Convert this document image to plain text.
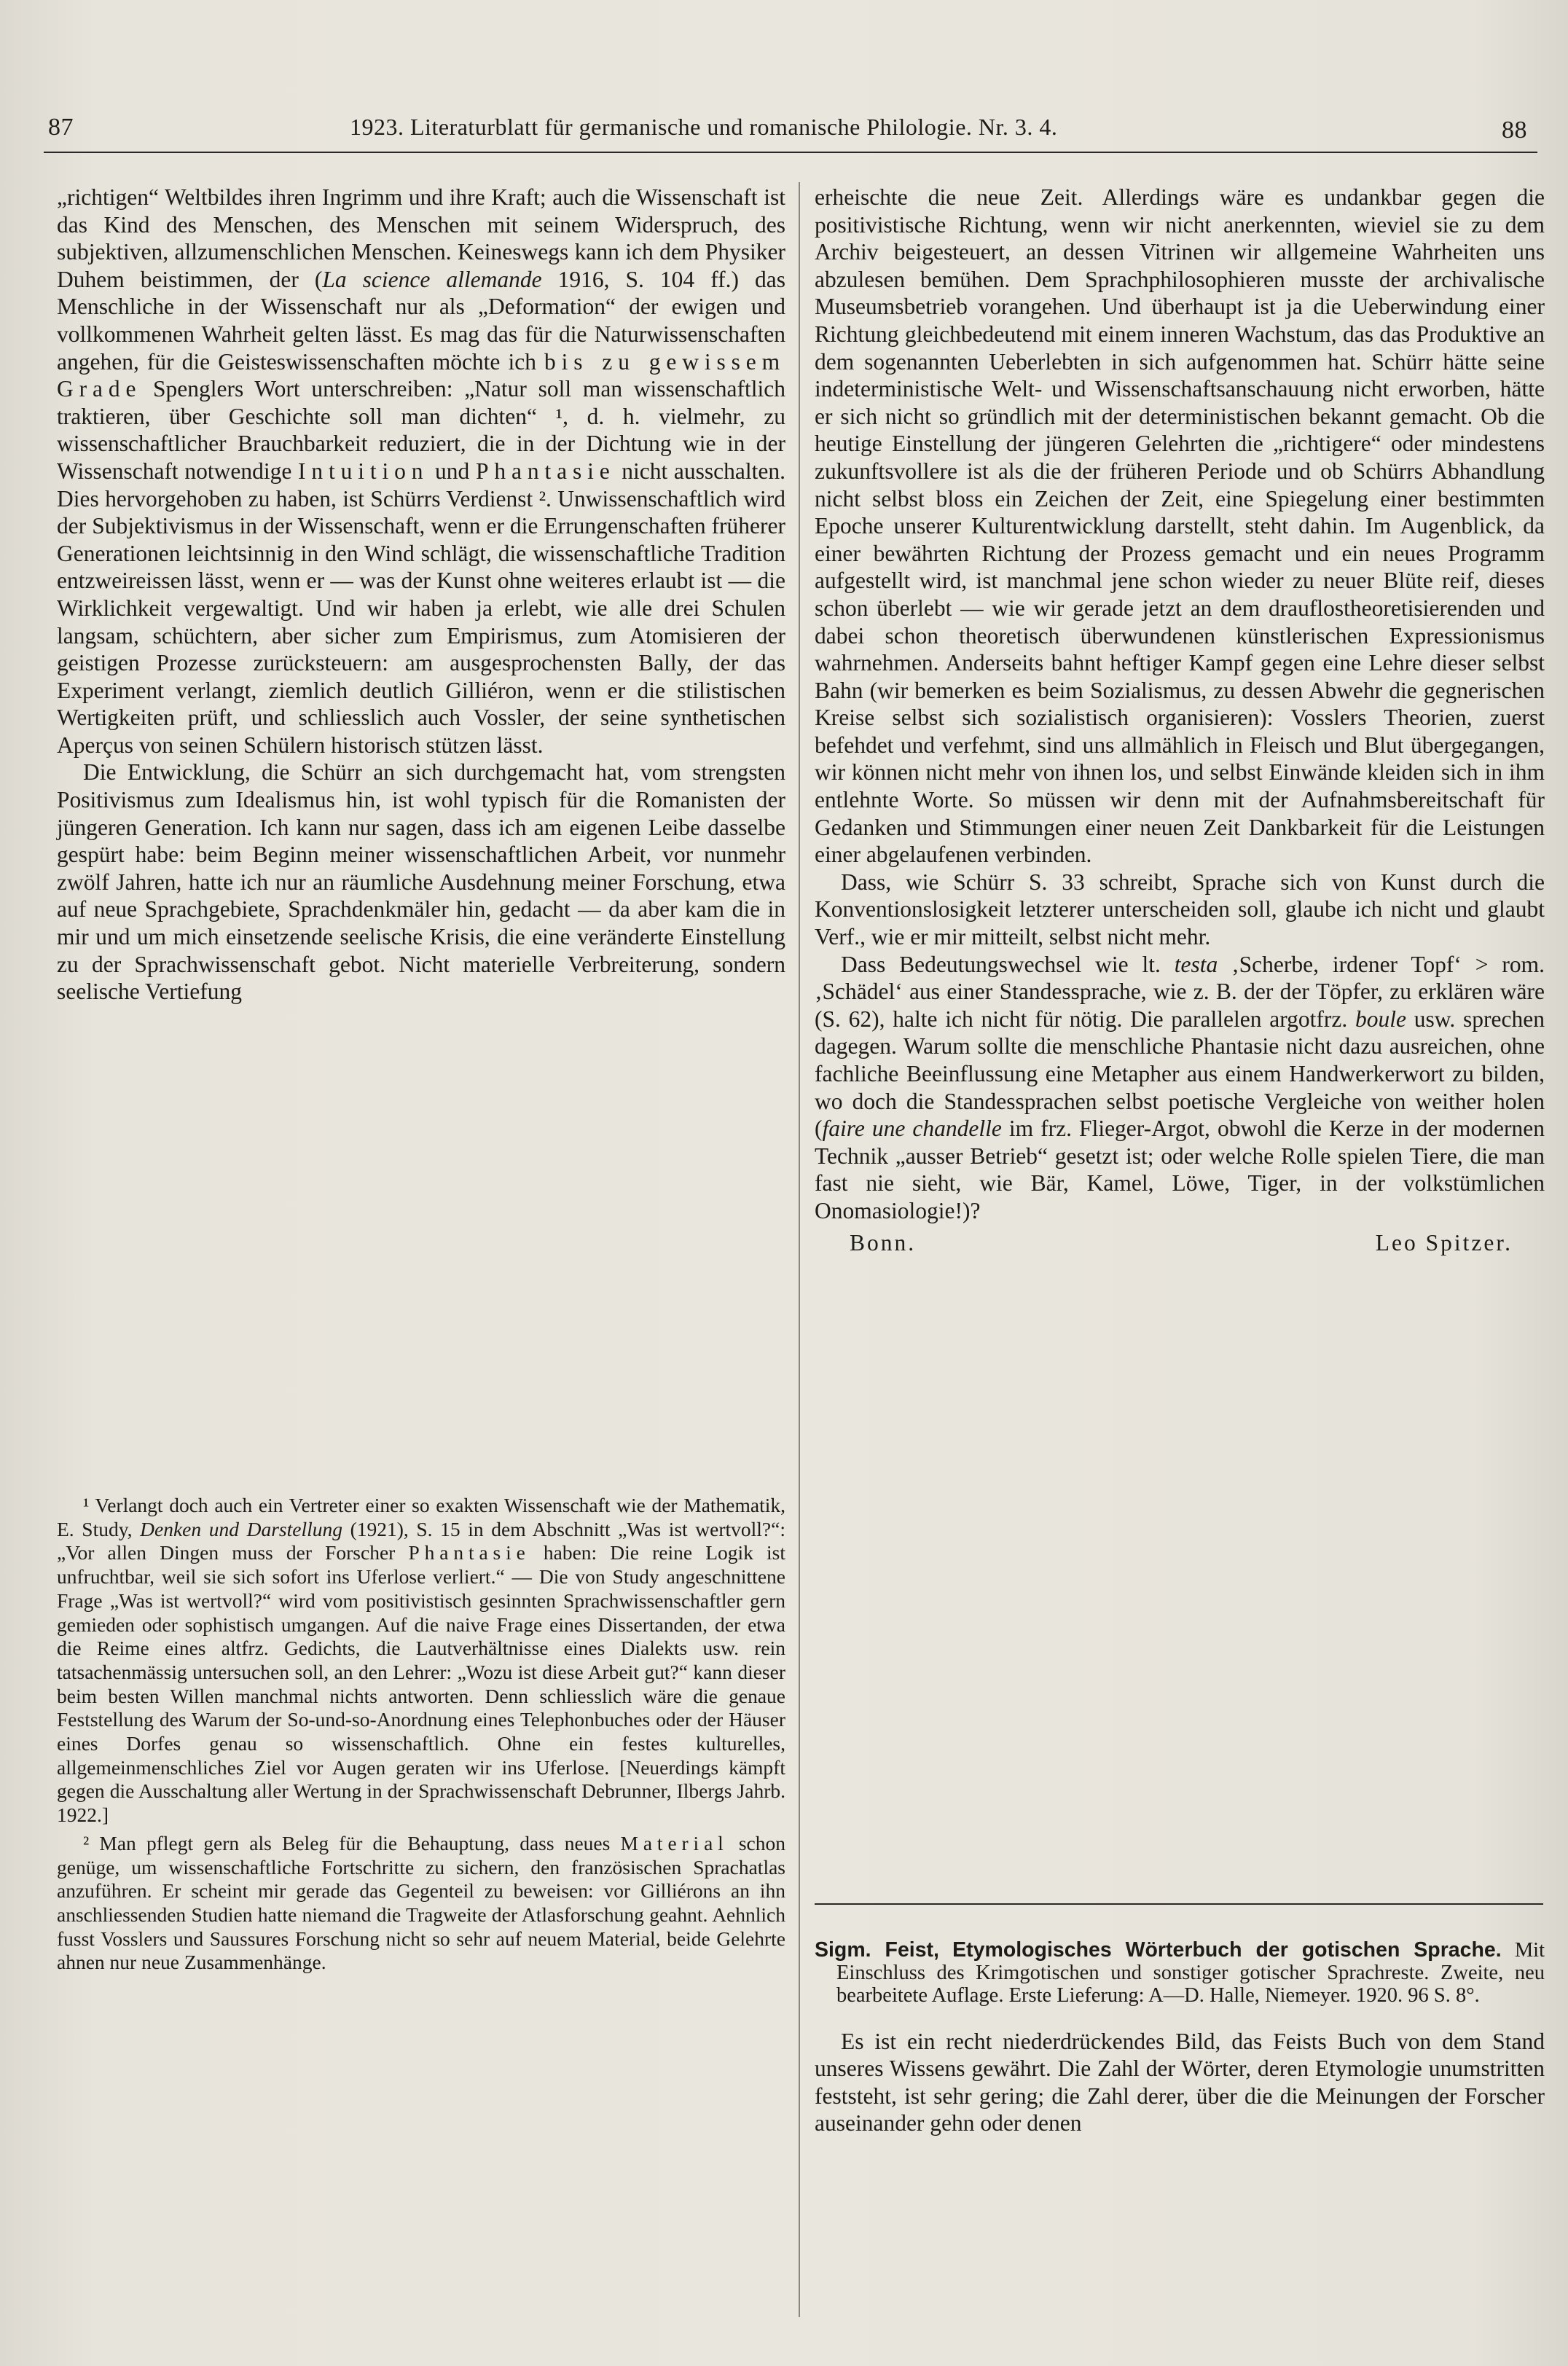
87	1923. Literaturblatt für germanische und romanische Philologie. Nr. 3. 4.	88

„richtigen“ Weltbildes ihren Ingrimm und ihre Kraft; auch die Wissenschaft ist das Kind des Menschen, des Menschen mit seinem Widerspruch, des subjektiven, allzumenschlichen Menschen. Keineswegs kann ich dem Physiker Duhem beistimmen, der (La science allemande 1916, S. 104 ff.) das Menschliche in der Wissenschaft nur als „Deformation“ der ewigen und vollkommenen Wahrheit gelten lässt. Es mag das für die Naturwissenschaften angehen, für die Geisteswissenschaften möchte ich bis zu gewissem Grade Spenglers Wort unterschreiben: „Natur soll man wissenschaftlich traktieren, über Geschichte soll man dichten“ ¹, d. h. vielmehr, zu wissenschaftlicher Brauchbarkeit reduziert, die in der Dichtung wie in der Wissenschaft notwendige Intuition und Phantasie nicht ausschalten. Dies hervorgehoben zu haben, ist Schürrs Verdienst ². Unwissenschaftlich wird der Subjektivismus in der Wissenschaft, wenn er die Errungenschaften früherer Generationen leichtsinnig in den Wind schlägt, die wissenschaftliche Tradition entzweireissen lässt, wenn er — was der Kunst ohne weiteres erlaubt ist — die Wirklichkeit vergewaltigt. Und wir haben ja erlebt, wie alle drei Schulen langsam, schüchtern, aber sicher zum Empirismus, zum Atomisieren der geistigen Prozesse zurücksteuern: am ausgesprochensten Bally, der das Experiment verlangt, ziemlich deutlich Gilliéron, wenn er die stilistischen Wertigkeiten prüft, und schliesslich auch Vossler, der seine synthetischen Aperçus von seinen Schülern historisch stützen lässt.

Die Entwicklung, die Schürr an sich durchgemacht hat, vom strengsten Positivismus zum Idealismus hin, ist wohl typisch für die Romanisten der jüngeren Generation. Ich kann nur sagen, dass ich am eigenen Leibe dasselbe gespürt habe: beim Beginn meiner wissenschaftlichen Arbeit, vor nunmehr zwölf Jahren, hatte ich nur an räumliche Ausdehnung meiner Forschung, etwa auf neue Sprachgebiete, Sprachdenkmäler hin, gedacht — da aber kam die in mir und um mich einsetzende seelische Krisis, die eine veränderte Einstellung zu der Sprachwissenschaft gebot. Nicht materielle Verbreiterung, sondern seelische Vertiefung

¹ Verlangt doch auch ein Vertreter einer so exakten Wissenschaft wie der Mathematik, E. Study, Denken und Darstellung (1921), S. 15 in dem Abschnitt „Was ist wertvoll?“: „Vor allen Dingen muss der Forscher Phantasie haben: Die reine Logik ist unfruchtbar, weil sie sich sofort ins Uferlose verliert.“ — Die von Study angeschnittene Frage „Was ist wertvoll?“ wird vom positivistisch gesinnten Sprachwissenschaftler gern gemieden oder sophistisch umgangen. Auf die naive Frage eines Dissertanden, der etwa die Reime eines altfrz. Gedichts, die Lautverhältnisse eines Dialekts usw. rein tatsachenmässig untersuchen soll, an den Lehrer: „Wozu ist diese Arbeit gut?“ kann dieser beim besten Willen manchmal nichts antworten. Denn schliesslich wäre die genaue Feststellung des Warum der So-und-so-Anordnung eines Telephonbuches oder der Häuser eines Dorfes genau so wissenschaftlich. Ohne ein festes kulturelles, allgemeinmenschliches Ziel vor Augen geraten wir ins Uferlose. [Neuerdings kämpft gegen die Ausschaltung aller Wertung in der Sprachwissenschaft Debrunner, Ilbergs Jahrb. 1922.]

² Man pflegt gern als Beleg für die Behauptung, dass neues Material schon genüge, um wissenschaftliche Fortschritte zu sichern, den französischen Sprachatlas anzuführen. Er scheint mir gerade das Gegenteil zu beweisen: vor Gilliérons an ihn anschliessenden Studien hatte niemand die Tragweite der Atlasforschung geahnt. Aehnlich fusst Vosslers und Saussures Forschung nicht so sehr auf neuem Material, beide Gelehrte ahnen nur neue Zusammenhänge.

erheischte die neue Zeit. Allerdings wäre es undankbar gegen die positivistische Richtung, wenn wir nicht anerkennten, wieviel sie zu dem Archiv beigesteuert, an dessen Vitrinen wir allgemeine Wahrheiten uns abzulesen bemühen. Dem Sprachphilosophieren musste der archivalische Museumsbetrieb vorangehen. Und überhaupt ist ja die Ueberwindung einer Richtung gleichbedeutend mit einem inneren Wachstum, das das Produktive an dem sogenannten Ueberlebten in sich aufgenommen hat. Schürr hätte seine indeterministische Welt- und Wissenschaftsanschauung nicht erworben, hätte er sich nicht so gründlich mit der deterministischen bekannt gemacht. Ob die heutige Einstellung der jüngeren Gelehrten die „richtigere“ oder mindestens zukunftsvollere ist als die der früheren Periode und ob Schürrs Abhandlung nicht selbst bloss ein Zeichen der Zeit, eine Spiegelung einer bestimmten Epoche unserer Kulturentwicklung darstellt, steht dahin. Im Augenblick, da einer bewährten Richtung der Prozess gemacht und ein neues Programm aufgestellt wird, ist manchmal jene schon wieder zu neuer Blüte reif, dieses schon überlebt — wie wir gerade jetzt an dem drauflostheoretisierenden und dabei schon theoretisch überwundenen künstlerischen Expressionismus wahrnehmen. Anderseits bahnt heftiger Kampf gegen eine Lehre dieser selbst Bahn (wir bemerken es beim Sozialismus, zu dessen Abwehr die gegnerischen Kreise selbst sich sozialistisch organisieren): Vosslers Theorien, zuerst befehdet und verfehmt, sind uns allmählich in Fleisch und Blut übergegangen, wir können nicht mehr von ihnen los, und selbst Einwände kleiden sich in ihm entlehnte Worte. So müssen wir denn mit der Aufnahmsbereitschaft für Gedanken und Stimmungen einer neuen Zeit Dankbarkeit für die Leistungen einer abgelaufenen verbinden.

Dass, wie Schürr S. 33 schreibt, Sprache sich von Kunst durch die Konventionslosigkeit letzterer unterscheiden soll, glaube ich nicht und glaubt Verf., wie er mir mitteilt, selbst nicht mehr.

Dass Bedeutungswechsel wie lt. testa ‚Scherbe, irdener Topf‘ > rom. ‚Schädel‘ aus einer Standessprache, wie z. B. der der Töpfer, zu erklären wäre (S. 62), halte ich nicht für nötig. Die parallelen argotfrz. boule usw. sprechen dagegen. Warum sollte die menschliche Phantasie nicht dazu ausreichen, ohne fachliche Beeinflussung eine Metapher aus einem Handwerkerwort zu bilden, wo doch die Standessprachen selbst poetische Vergleiche von weither holen (faire une chandelle im frz. Flieger-Argot, obwohl die Kerze in der modernen Technik „ausser Betrieb“ gesetzt ist; oder welche Rolle spielen Tiere, die man fast nie sieht, wie Bär, Kamel, Löwe, Tiger, in der volkstümlichen Onomasiologie!)?

Bonn.	Leo Spitzer.

Sigm. Feist, Etymologisches Wörterbuch der gotischen Sprache. Mit Einschluss des Krimgotischen und sonstiger gotischer Sprachreste. Zweite, neu bearbeitete Auflage. Erste Lieferung: A—D. Halle, Niemeyer. 1920. 96 S. 8°.

Es ist ein recht niederdrückendes Bild, das Feists Buch von dem Stand unseres Wissens gewährt. Die Zahl der Wörter, deren Etymologie unumstritten feststeht, ist sehr gering; die Zahl derer, über die die Meinungen der Forscher auseinander gehn oder denen
